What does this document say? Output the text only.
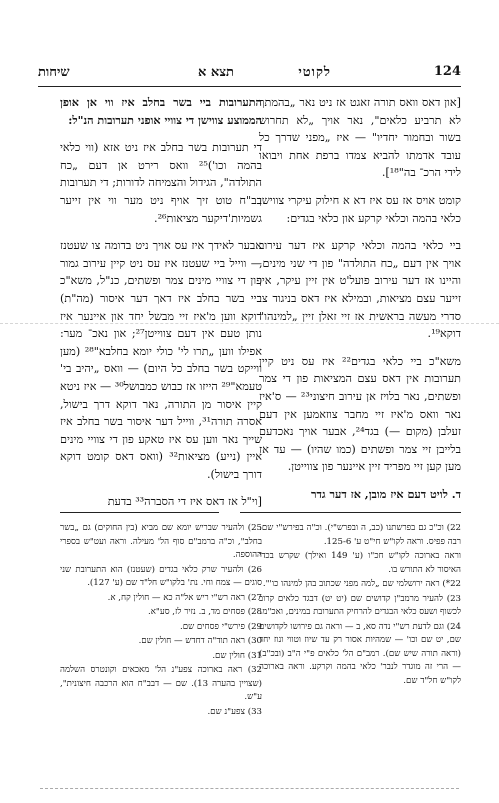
124
לקוטי
תצא א
שיחות

[און דאס וואס תורה זאגט אז ניט נאר „בהמתך לא תרביע כלאים", נאר אויך „לא תחרוש בשור ובחמור יחדיו" — איז „מפני שדרך כל עובד אדמתו להביא צמדו ברפת אחת ויבואו לידי הרכ־ בה"¹⁸].

קומט אויס אז עס איז דא א חילוק עיקרי צווישן כלאי בהמה וכלאי קרקע און כלאי בגדים:

ביי כלאי בהמה וכלאי קרקע איז דער עירוב אויך אין דעם „כח התולדה" פון די שני מינים, והיינו אז דער עירוב פועל'ט אין זיין עיקר, אין זייער עצם מציאות, ובמילא איז דאס בניגוד צו סדרי מעשה בראשית אז זיי זאלן זיין „למינהו" דוקא¹⁹.

משא"כ ביי כלאי בגדים²² איז עס ניט קיין תערובות אין דאס עצם המציאות פון די צמר ופשתים, נאר בלויז אן עירוב חיצוני²³ — ס'איז נאר וואס מ'איז זיי מחבר צוזאמען אין דעם זעלבן (מקום —) בגד²⁴, אבער אויך נאכדעם בלייבן זיי צמר ופשתים (כמו שהיו) — עד אז מען קען זיי מפריד זיין איינער פון צווייטן.

ד. לויט דעם איז מובן, אז דער גדר

התערובות ביי בשר בחלב איז ווי אן אופן הממוצע צווישן די צוויי אופני תערובות הנ"ל:

די תערובות בשר בחלב איז ניט אזא (ווי כלאי בהמה וכו')²⁵ וואס רירט אן דעם „כח התולדה", הגידול והצמיחה לדורות; די תערובות בב"ח טוט זיך אויף ניט מער ווי אין זייער גשמיות'דיקער מציאות²⁶.

אבער לאידך איז עס אויך ניט בדומה צו שעטנז — ווייל ביי שעטנז איז עס ניט קיין עירוב גמור פון די צוויי מינים צמר ופשתים, כנ"ל, משא"כ ביי בשר בחלב איז דאך דער איסור (מה"ת) דוקא ווען מ'איז זיי מבשל יחד און איינער איז נותן טעם אין דעם צווייטן²⁷; און נאכ־ מער: אפילו ווען „תרו לי' כולי יומא בחלבא"²⁸ (מען ווייקט בשר בחלב כל היום) — וואס „יהיב בי' טעמא"²⁹ הייזו אז כבוש כמבושל³⁰ — איז ניטא קיין איסור מן התורה, נאר דוקא דרך בישול, אסרה תורה³¹, ווייל דער איסור בשר בחלב איז שייך נאר ווען עס איז טאקע פון די צוויי מינים איין (נייע) מציאות³² (וואס דאס קומט דוקא דורך בישול).

[וי"ל אז דאס איז די הסברה³³ בדעת

22) וכ"כ גם בפרשתנו (כב, ה ובפרש"י). וכ"ה בפירש"י שם: רבה פפיס. וראה לקו"ש חי"ט ע' 125-6.
וראה בארוכה לקו"ש חכ"ו (ע' 149 ואילך) שקרש בכדי האיסור לא התורש בו.
22*) ראה ירושלמי שם „למה מפני שכתוב בהן למינהו כו'".
23) להעיר מרמב"ן קדושים שם (יט יט) דבגד כלאים קרוב לכשוף ושעס כלאי הבגדים להרחיק התערובת במינים, ואכ"מ.
24) וגם לדעת רש"י נדה סא, ב — וראה גם פירושו לקדושים שם, יט שם וכו' — שמהיות אסור רק עד שיוז וטווי ונוז יחד (וראה תורה שיש שם). רמב"ם הל' כלאים פ"י ה"ב (ובכ"ב) — הרי זה מוגדר לנבר' כלאי בהמה וקרקע. וראה בארוכה לקו"ש חל"ד שם.
25) ולהעיר שבריש יומא שם מביא (בין החוקים) גם „בשר בחלב", וכ"ה ברמב"ם סוף הל' מעילה. וראה ועט"ש בספרי ההוספה.
26) ולהעיר שרק כלאי בגדים (שעטנז) הוא התערובת שני סוגים — צמח וחי. נת' בלקו"ש חל"ד שם (ע' 127).
27) ראה רש"י ריש אל"ה כא — חולין קח, א.
28) פסחים מד, ב. נזיר לז, סע"א.
29) פירש"י פסחים שם.
30) ראה תוד"ה דחדש — חולין שם.
31) חולין שם.
32) ראה בארוכה צפע"נ הל' מאכאים וקונטרס השלמה (שצויין בהערה 13). שם — דבב"ח הוא הרכבה חיצונית", ע"ש.
33) צפע"נ שם.
